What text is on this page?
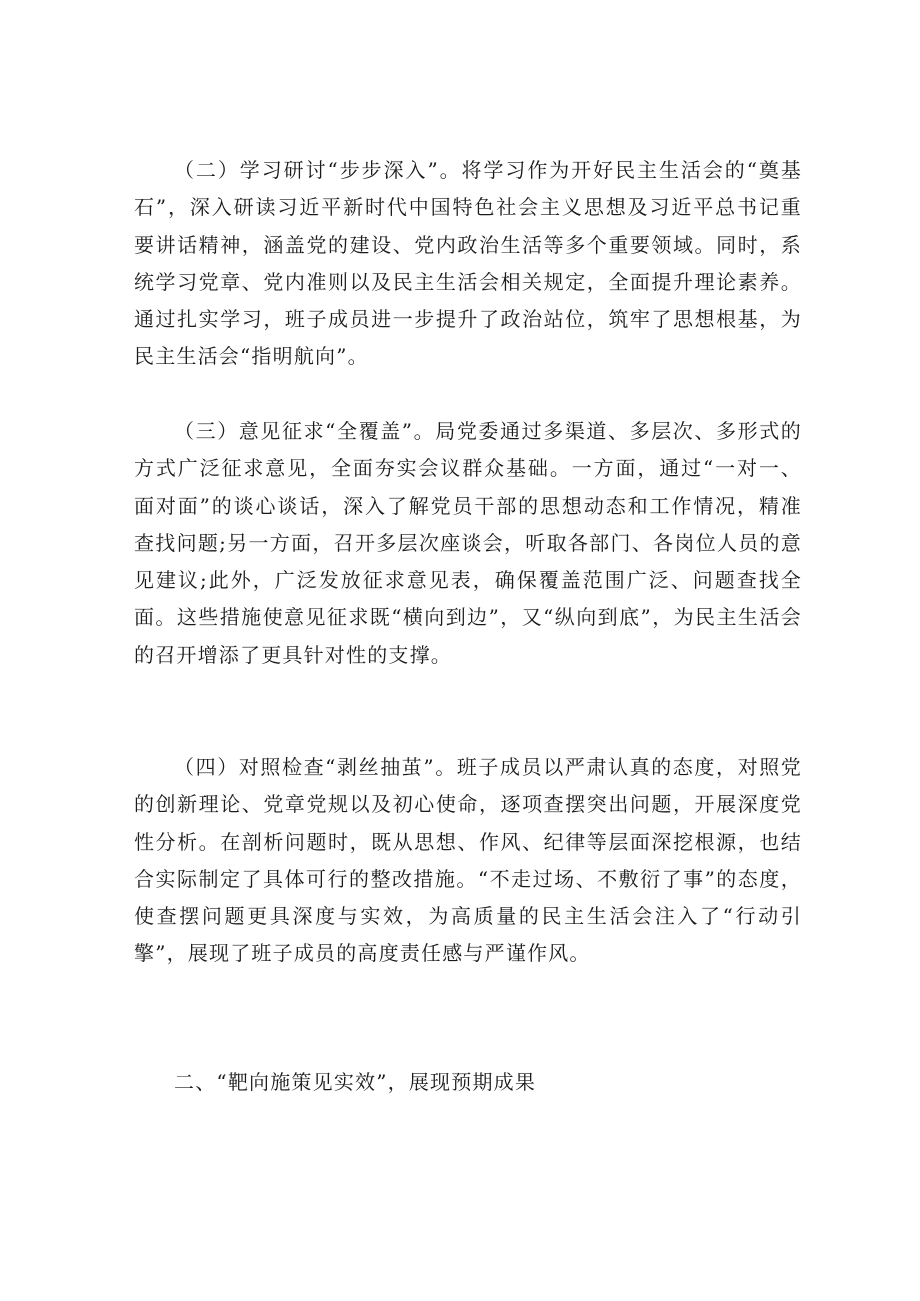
（二）学习研讨“步步深入”。将学习作为开好民主生活会的“奠基石”，深入研读习近平新时代中国特色社会主义思想及习近平总书记重要讲话精神，涵盖党的建设、党内政治生活等多个重要领域。同时，系统学习党章、党内准则以及民主生活会相关规定，全面提升理论素养。通过扎实学习，班子成员进一步提升了政治站位，筑牢了思想根基，为民主生活会“指明航向”。

（三）意见征求“全覆盖”。局党委通过多渠道、多层次、多形式的方式广泛征求意见，全面夯实会议群众基础。一方面，通过“一对一、面对面”的谈心谈话，深入了解党员干部的思想动态和工作情况，精准查找问题;另一方面，召开多层次座谈会，听取各部门、各岗位人员的意见建议;此外，广泛发放征求意见表，确保覆盖范围广泛、问题查找全面。这些措施使意见征求既“横向到边”，又“纵向到底”，为民主生活会的召开增添了更具针对性的支撑。

（四）对照检查“剥丝抽茧”。班子成员以严肃认真的态度，对照党的创新理论、党章党规以及初心使命，逐项查摆突出问题，开展深度党性分析。在剖析问题时，既从思想、作风、纪律等层面深挖根源，也结合实际制定了具体可行的整改措施。“不走过场、不敷衍了事”的态度，使查摆问题更具深度与实效，为高质量的民主生活会注入了“行动引擎”，展现了班子成员的高度责任感与严谨作风。

二、“靶向施策见实效”，展现预期成果
